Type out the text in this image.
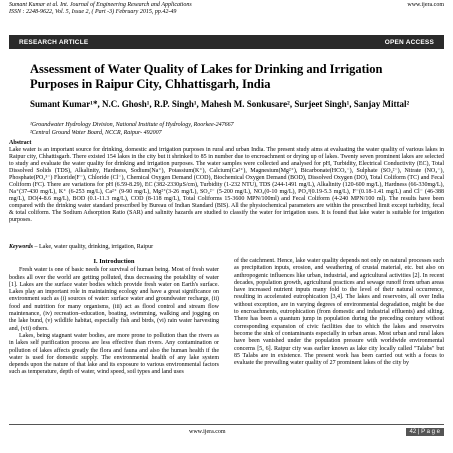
Sumant Kumar et al. Int. Journal of Engineering Research and Applications	www.ijera.com
ISSN : 2248-9622, Vol. 5, Issue 2, ( Part -3) February 2015, pp.42-49
RESEARCH ARTICLE	OPEN ACCESS
Assessment of Water Quality of Lakes for Drinking and Irrigation Purposes in Raipur City, Chhattisgarh, India
Sumant Kumar¹*, N.C. Ghosh¹, R.P. Singh¹, Mahesh M. Sonkusare², Surjeet Singh¹, Sanjay Mittal²
¹Groundwater Hydrology Division, National Institute of Hydrology, Roorkee-247667
²Central Ground Water Board, NCCR, Raipur- 492007
Abstract
Lake water is an important source for drinking, domestic and irrigation purposes in rural and urban India. The present study aims at evaluating the water quality of various lakes in Raipur city, Chhattisgarh. There existed 154 lakes in the city but it shrinked to 85 in number due to encroachment or drying up of lakes. Twenty seven prominent lakes are selected to study and evaluate the water quality for drinking and irrigation purposes. The water samples were collected and analysed for pH, Turbidity, Electrical Conductivity (EC), Total Dissolved Solids (TDS), Alkalinity, Hardness, Sodium(Na⁺), Potassium(K⁺), Calcium(Ca²⁺), Magnesium(Mg²⁺), Bicarbonate(HCO₃⁻), Sulphate (SO₄²⁻), Nitrate (NO₃⁻), Phosphate(PO₄³⁻) Fluoride(F⁻), Chloride (Cl⁻), Chemical Oxygen Demand (COD), Biochemical Oxygen Demand (BOD), Dissolved Oxygen (DO), Total Coliform (TC) and Fecal Coliform (FC). There are variations for pH (6.59-8.29), EC (382-2330µS/cm), Turbidity (1-232 NTU), TDS (244-1491 mg/L), Alkalinity (120-600 mg/L), Hardness (66-330mg/L), Na⁺(37-430 mg/L), K⁺ (6-253 mg/L), Ca²⁺ (9-90 mg/L), Mg²⁺(3-26 mg/L), SO₄²⁻ (5-200 mg/L), NO₃(0-10 mg/L), PO₄³(0.19-5.3 mg/L), F⁻(0.18-1.41 mg/L) and Cl⁻ (46-388 mg/L), DO(4-8.6 mg/L), BOD (0.1-11.3 mg/L), COD (8-118 mg/L), Total Coliforms 15-3600 MPN/100ml) and Fecal Coliform (4-240 MPN/100 ml). The results have been compared with the drinking water standard prescribed by Bureau of Indian Standard (BIS). All the physiochemical parameters are within the prescribed limit except turbidity, fecal & total coliform. The Sodium Adsorption Ratio (SAR) and salinity hazards are studied to classify the water for irrigation uses. It is found that lake water is suitable for irrigation purposes.
Keywords – Lake, water quality, drinking, irrigation, Raipur
I. Introduction

Fresh water is one of basic needs for survival of human being. Most of fresh water bodies all over the world are getting polluted, thus decreasing the potability of water [1]. Lakes are the surface water bodies which provide fresh water on Earth's surface. Lakes play an important role in maintaining ecology and have a great significance on environment such as (i) sources of water: surface water and groundwater recharge, (ii) food and nutrition for many organisms, (iii) act as flood control and stream flow maintenance, (iv) recreation–education, boating, swimming, walking and jogging on the lake bund, (v) wildlife habitat, especially fish and birds, (vi) rain water harvesting and, (vii) others.

Lakes, being stagnant water bodies, are more prone to pollution than the rivers as in lakes self purification process are less effective than rivers. Any contamination or pollution of lakes affects greatly the flora and fauna and also the human health if the water is used for domestic supply. The environmental health of any lake system depends upon the nature of that lake and its exposure to various environmental factors such as temperature, depth of water, wind speed, soil types and land uses

of the catchment. Hence, lake water quality depends not only on natural processes such as precipitation inputs, erosion, and weathering of crustal material, etc. but also on anthropogenic influences like urban, industrial, and agricultural activities [2]. In recent decades, population growth, agricultural practices and sewage runoff from urban areas have increased nutrient inputs many fold to the level of their natural occurrence, resulting in accelerated eutrophication [3,4]. The lakes and reservoirs, all over India without exception, are in varying degrees of environmental degradation, might be due to encroachments, eutrophication (from domestic and industrial effluents) and silting. There has been a quantum jump in population during the preceding century without corresponding expansion of civic facilities due to which the lakes and reservoirs become the sink of contaminants especially in urban areas. Most urban and rural lakes have been vanished under the population pressure with worldwide environmental concerns [5, 6]. Raipur city was earlier known as lake city locally called "Talabs" but 85 Talabs are in existence. The present work has been carried out with a focus to evaluate the prevailing water quality of 27 prominent lakes of the city by

www.ijera.com	42 | P a g e
